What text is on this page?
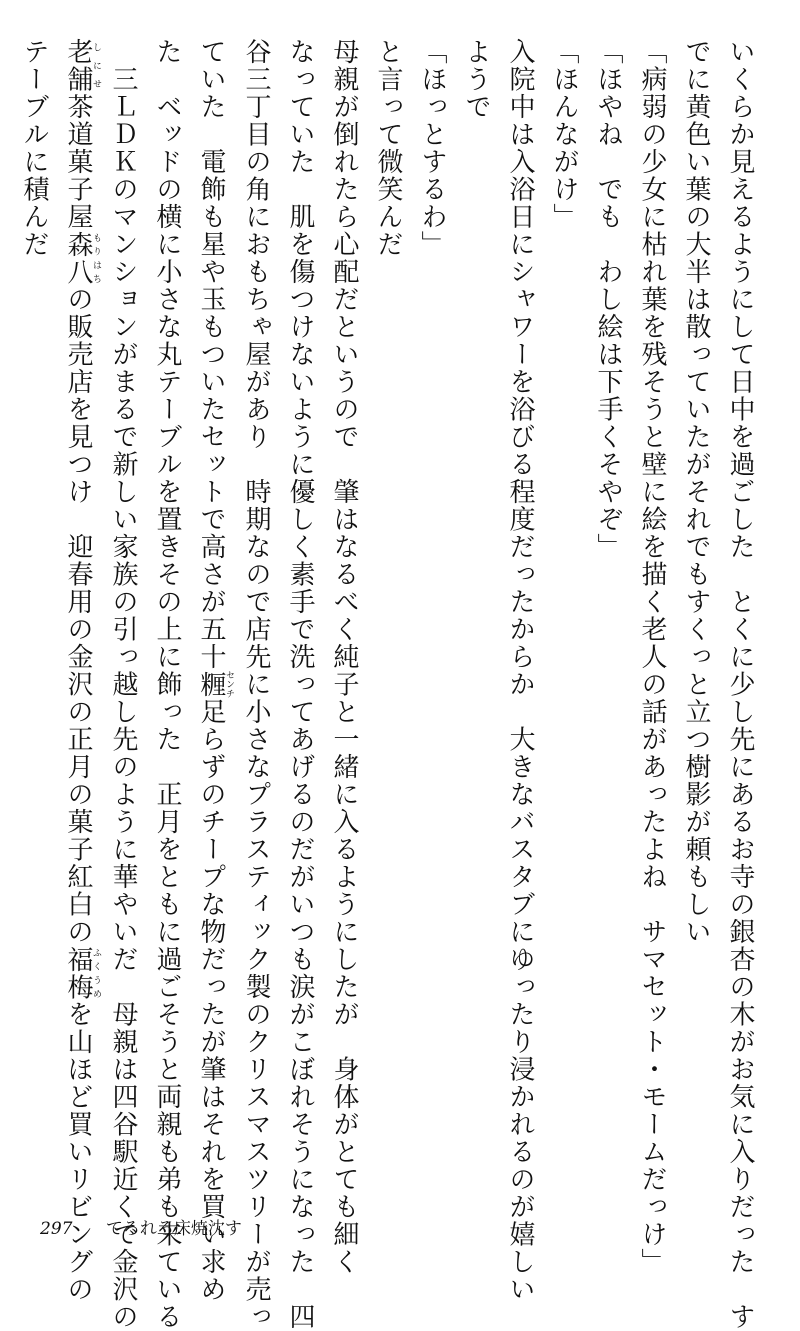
いくらか見えるようにして日中を過ごした　とくに少し先にあるお寺の銀杏の木がお気に入りだった　す
でに黄色い葉の大半は散っていたがそれでもすくっと立つ樹影が頼もしい
「病弱の少女に枯れ葉を残そうと壁に絵を描く老人の話があったよね　サマセット・モームだっけ」
「ほやね　でも　わし絵は下手くそやぞ」
「ほんながけ」
入院中は入浴日にシャワーを浴びる程度だったからか　大きなバスタブにゆったり浸かれるのが嬉しい
ようで
「ほっとするわ」
と言って微笑んだ
母親が倒れたら心配だというので　肇はなるべく純子と一緒に入るようにしたが　身体がとても細く
なっていた　肌を傷つけないように優しく素手で洗ってあげるのだがいつも涙がこぼれそうになった　四
谷三丁目の角におもちゃ屋があり　時期なので店先に小さなプラスティック製のクリスマスツリーが売っ
ていた　電飾も星や玉もついたセットで高さが五十糎センチ足らずのチープな物だったが肇はそれを買い求め
た　ベッドの横に小さな丸テーブルを置きその上に飾った　正月をともに過ごそうと両親も弟も来ている
　三ＬＤＫのマンションがまるで新しい家族の引っ越し先のように華やいだ　母親は四谷駅近くで金沢の
老舗しにせ茶道菓子屋森八もりはちの販売店を見つけ　迎春用の金沢の正月の菓子紅白の福梅ふくうめを山ほど買いリビングの
テーブルに積んだ
297 てろれろ床焼沈す
